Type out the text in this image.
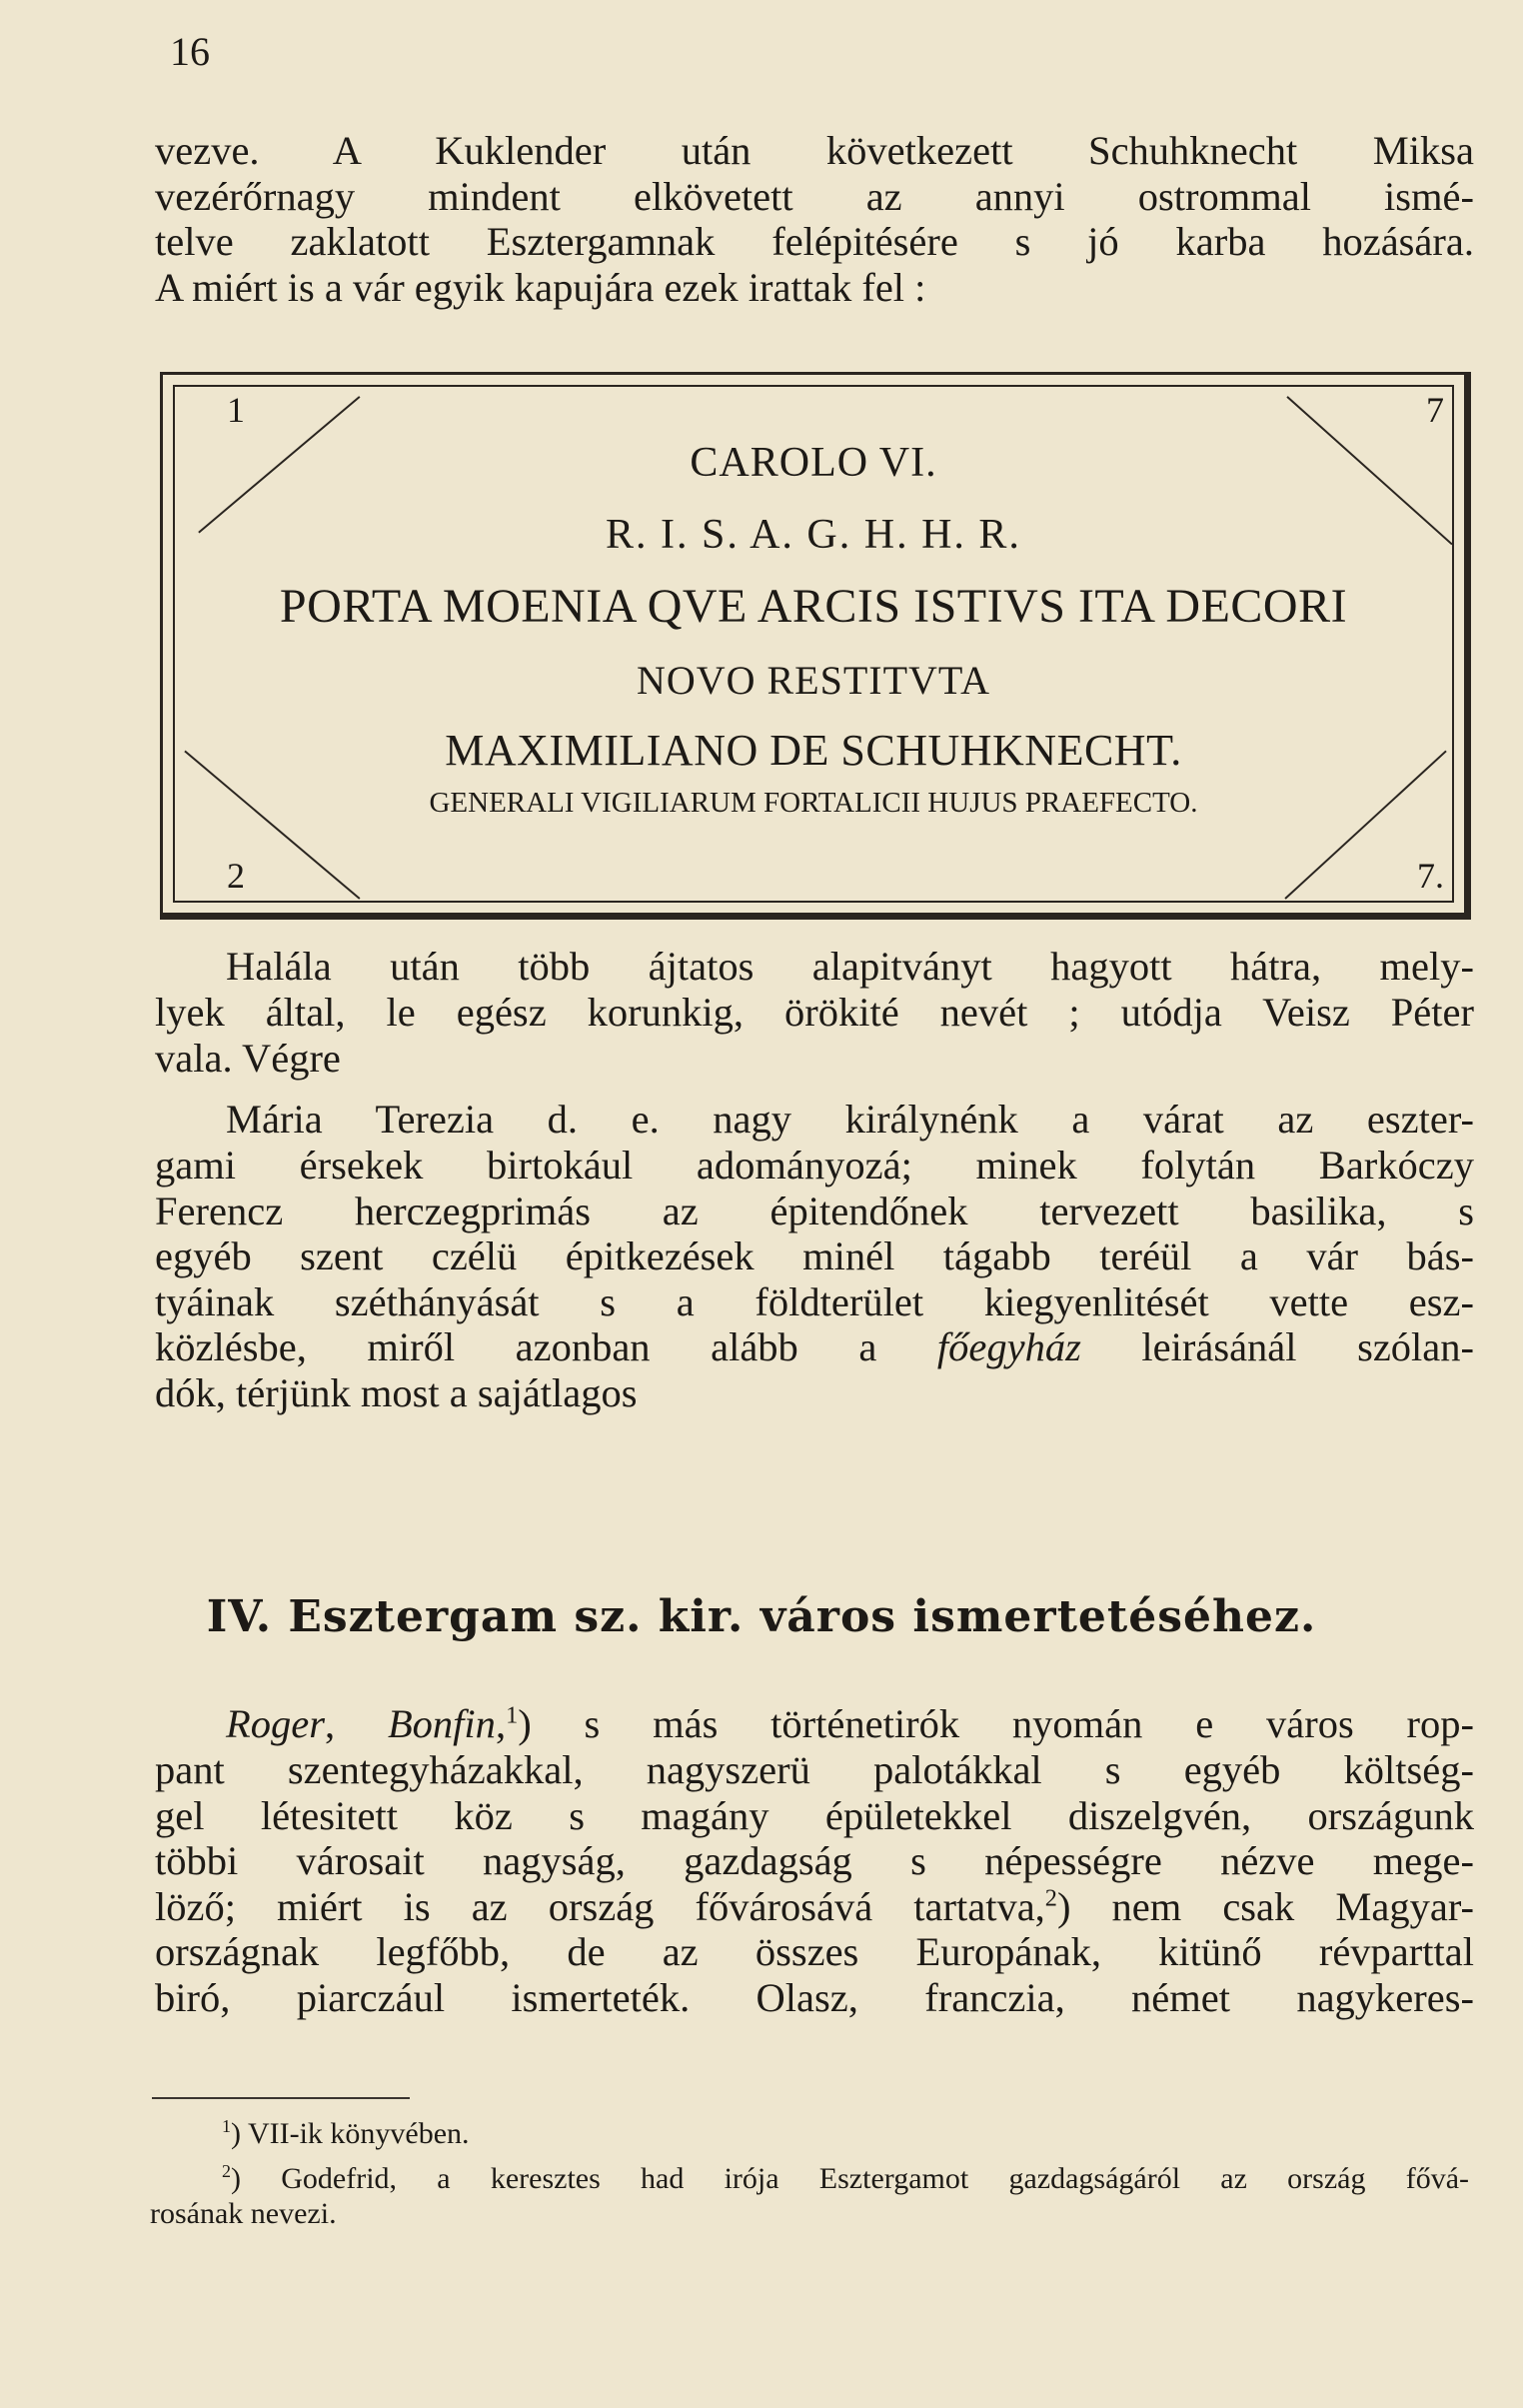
16
vezve. A Kuklender után következett Schuhknecht Miksa
vezérőrnagy mindent elkövetett az annyi ostrommal ismé-
telve zaklatott Esztergamnak felépitésére s jó karba hozására.
A miért is a vár egyik kapujára ezek irattak fel :
1	7
2	7.
CAROLO VI.
R. I. S. A. G. H. H. R.
PORTA MOENIA QVE ARCIS ISTIVS ITA DECORI
NOVO RESTITVTA
MAXIMILIANO DE SCHUHKNECHT.
GENERALI VIGILIARUM FORTALICII HUJUS PRAEFECTO.
Halála után több ájtatos alapitványt hagyott hátra, mely-
lyek által, le egész korunkig, örökité nevét ; utódja Veisz Péter
vala. Végre
Mária Terezia d. e. nagy királynénk a várat az eszter-
gami érsekek birtokául adományozá; minek folytán Barkóczy
Ferencz herczegprimás az épitendőnek tervezett basilika, s
egyéb szent czélü épitkezések minél tágabb teréül a vár bás-
tyáinak széthányását s a földterület kiegyenlitését vette esz-
közlésbe, miről azonban alább a főegyház leirásánál szólan-
dók, térjünk most a sajátlagos
IV. Esztergam sz. kir. város ismertetéséhez.
Roger, Bonfin,$^1$) s más történetirók nyomán e város rop-
pant szentegyházakkal, nagyszerü palotákkal s egyéb költség-
gel létesitett köz s magány épületekkel diszelgvén, országunk
többi városait nagyság, gazdagság s népességre nézve mege-
löző; miért is az ország fővárosává tartatva,$^2$) nem csak Magyar-
országnak legfőbb, de az összes Europának, kitünő révparttal
biró, piarczául ismerteték. Olasz, franczia, német nagykeres-
$^1$) VII-ik könyvében.
$^2$) Godefrid, a keresztes had irója Esztergamot gazdagságáról az ország fővá-
rosának nevezi.
